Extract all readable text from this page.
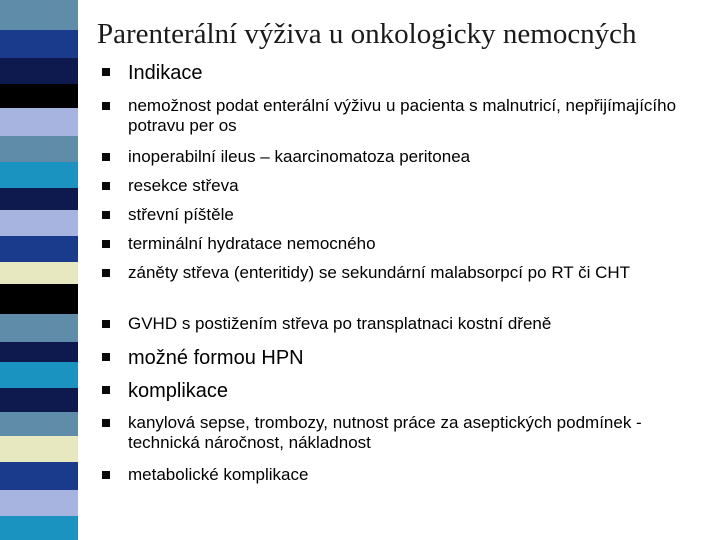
Parenterální výživa u onkologicky nemocných
Indikace
nemožnost podat enterální výživu u pacienta s malnutricí, nepřijímajícího potravu per os
inoperabilní ileus – kaarcinomatoza peritonea
resekce střeva
střevní píštěle
terminální hydratace nemocného
záněty střeva (enteritidy) se sekundární malabsorpcí po RT či CHT
GVHD s postižením střeva po transplatnaci kostní dřeně
možné formou HPN
komplikace
kanylová sepse, trombozy, nutnost práce za aseptických podmínek - technická náročnost, nákladnost
metabolické komplikace
